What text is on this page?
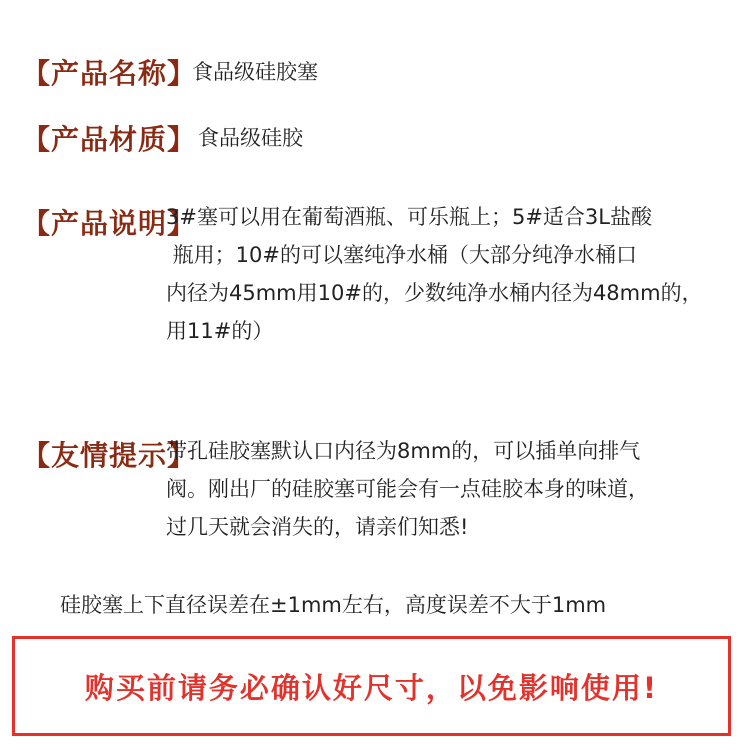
【产品名称】
食品级硅胶塞
【产品材质】 食品级硅胶
【产品说明】
3#塞可以用在葡萄酒瓶、可乐瓶上；5#适合3L盐酸
瓶用；10#的可以塞纯净水桶（大部分纯净水桶口
内径为45mm用10#的，少数纯净水桶内径为48mm的，
用11#的）
【友情提示】
带孔硅胶塞默认口内径为8mm的，可以插单向排气
阀。刚出厂的硅胶塞可能会有一点硅胶本身的味道，
过几天就会消失的，请亲们知悉!
硅胶塞上下直径误差在±1mm左右，高度误差不大于1mm
购买前请务必确认好尺寸，以免影响使用!
